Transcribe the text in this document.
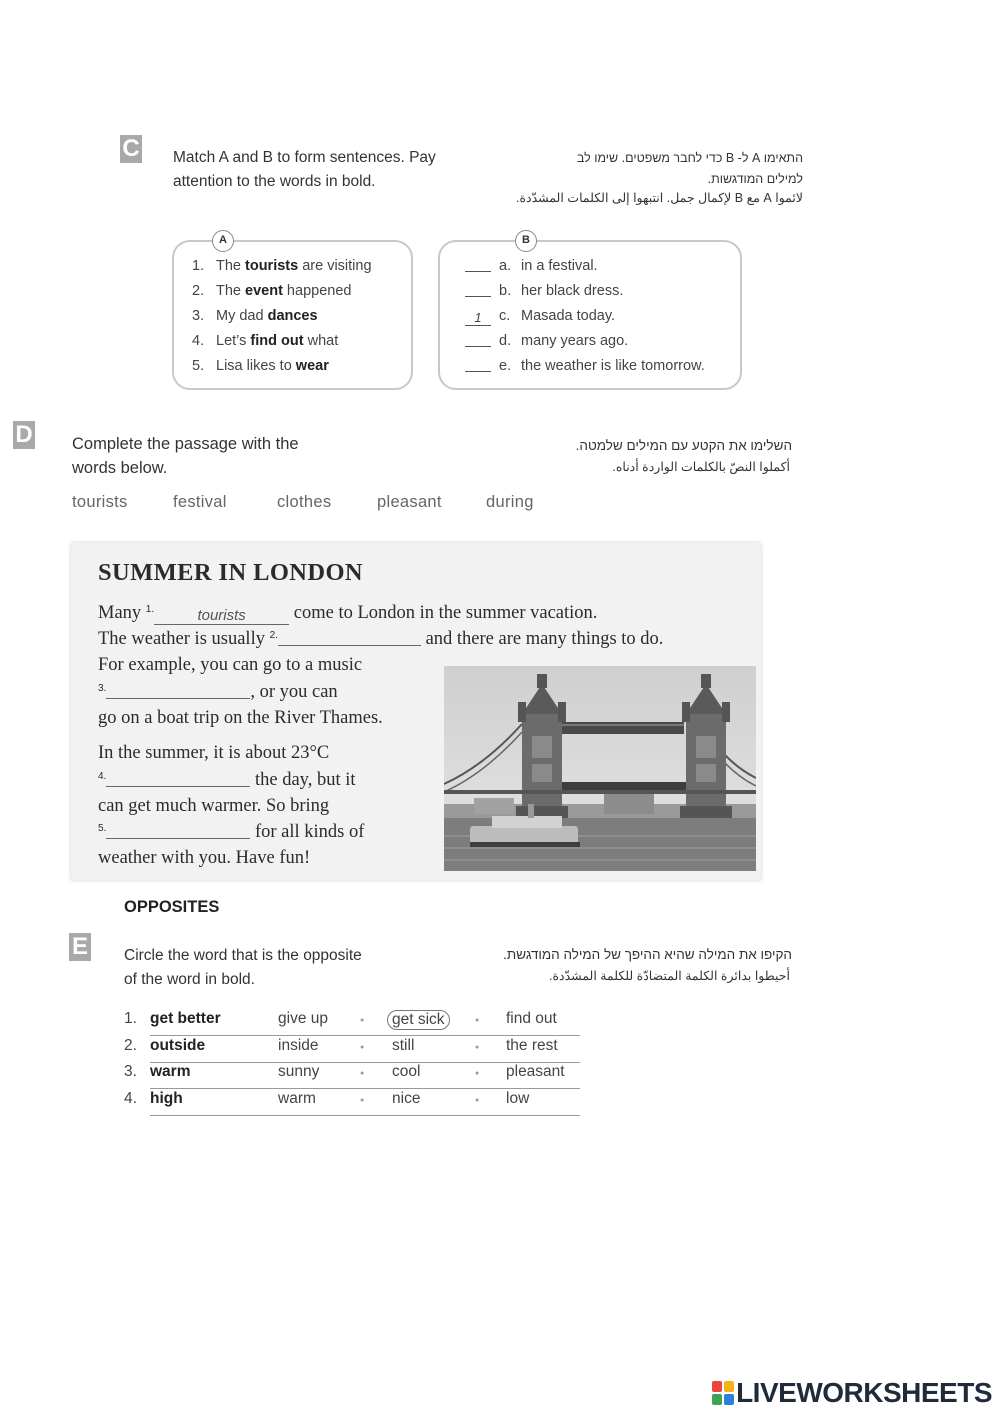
C Match A and B to form sentences. Pay
attention to the words in bold.
התאימו A ל- B כדי לחבר משפטים. שימו לב
למילים המודגשות.
لائموا A مع B لإكمال جمل. انتبهوا إلى الكلمات المشدّدة.
A	B
1. The tourists are visiting
2. The event happened
3. My dad dances
4. Let’s find out what
5. Lisa likes to wear
a. in a festival.
b. her black dress.
1 c. Masada today.
d. many years ago.
e. the weather is like tomorrow.
D Complete the passage with the
words below.
השלימו את הקטע עם המילים שלמטה.
أكملوا النصّ بالكلمات الواردة أدناه.
tourists	festival	clothes	pleasant	during
SUMMER IN LONDON
Many $^{1.}$	tourists come to London in the summer vacation.
The weather is usually $^{2.}$	and there are many things to do.
For example, you can go to a music
$^{3.}$	, or you can
go on a boat trip on the River Thames.
In the summer, it is about 23°C
$^{4.}$	the day, but it
can get much warmer. So bring
$^{5.}$	for all kinds of
weather with you. Have fun!
OPPOSITES
E Circle the word that is the opposite
of the word in bold.
הקיפו את המילה שהיא ההיפך של המילה המודגשת.
أحيطوا بدائرة الكلمة المتضادّة للكلمة المشدّدة.
1. get better	give up	●	get sick	● find out
2. outside	inside	● still	● the rest
3. warm	sunny	● cool	● pleasant
4. high	warm	● nice	● low
LIVEWORKSHEETS
